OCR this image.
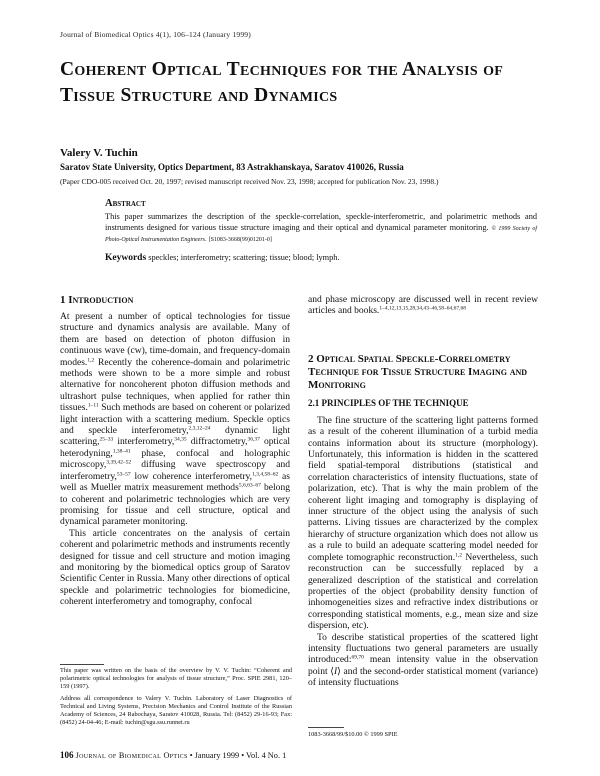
Journal of Biomedical Optics 4(1), 106–124 (January 1999)
Coherent Optical Techniques for the Analysis of Tissue Structure and Dynamics
Valery V. Tuchin
Saratov State University, Optics Department, 83 Astrakhanskaya, Saratov 410026, Russia
(Paper CDO-005 received Oct. 20, 1997; revised manuscript received Nov. 23, 1998; accepted for publication Nov. 23, 1998.)
Abstract
This paper summarizes the description of the speckle-correlation, speckle-interferometric, and polarimetric methods and instruments designed for various tissue structure imaging and their optical and dynamical parameter monitoring. © 1999 Society of Photo-Optical Instrumentation Engineers. [S1083-3668(99)01201-0]
Keywords speckles; interferometry; scattering; tissue; blood; lymph.
1 Introduction

At present a number of optical technologies for tissue structure and dynamics analysis are available. Many of them are based on detection of photon diffusion in continuous wave (cw), time-domain, and frequency-domain modes.$^{1,2}$ Recently the coherence-domain and polarimetric methods were shown to be a more simple and robust alternative for noncoherent photon diffusion methods and ultrashort pulse techniques, when applied for rather thin tissues.$^{1-11}$ Such methods are based on coherent or polarized light interaction with a scattering medium. Speckle optics and speckle interferometry,$^{2,3,12-24}$ dynamic light scattering,$^{25-33}$ interferometry,$^{34,35}$ diffractometry,$^{36,37}$ optical heterodyning,$^{1,38-41}$ phase, confocal and holographic microscopy,$^{3,39,42-52}$ diffusing wave spectroscopy and interferometry,$^{53-57}$ low coherence interferometry,$^{1,3,4,58-62}$ as well as Mueller matrix measurement methods$^{5,6,63-67}$ belong to coherent and polarimetric technologies which are very promising for tissue and cell structure, optical and dynamical parameter monitoring.

This article concentrates on the analysis of certain coherent and polarimetric methods and instruments recently designed for tissue and cell structure and motion imaging and monitoring by the biomedical optics group of Saratov Scientific Center in Russia. Many other directions of optical speckle and polarimetric technologies for biomedicine, coherent interferometry and tomography, confocal

and phase microscopy are discussed well in recent review articles and books.$^{1-4,12,13,15,28,34,43-46,58-64,67,68}$

2 Optical Spatial Speckle-Correlometry Technique for Tissue Structure Imaging and Monitoring
2.1 PRINCIPLES OF THE TECHNIQUE

The fine structure of the scattering light patterns formed as a result of the coherent illumination of a turbid media contains information about its structure (morphology). Unfortunately, this information is hidden in the scattered field spatial-temporal distributions (statistical and correlation characteristics of intensity fluctuations, state of polarization, etc). That is why the main problem of the coherent light imaging and tomography is displaying of inner structure of the object using the analysis of such patterns. Living tissues are characterized by the complex hierarchy of structure organization which does not allow us as a rule to build an adequate scattering model needed for complete tomographic reconstruction.$^{1,2}$ Nevertheless, such reconstruction can be successfully replaced by a generalized description of the statistical and correlation properties of the object (probability density function of inhomogeneities sizes and refractive index distributions or corresponding statistical moments, e.g., mean size and size dispersion, etc).

To describe statistical properties of the scattered light intensity fluctuations two general parameters are usually introduced:$^{69,70}$ mean intensity value in the observation point ⟨I⟩ and the second-order statistical moment (variance) of intensity fluctuations

This paper was written on the basis of the overview by V. V. Tuchin: “Coherent and polarimetric optical technologies for analysis of tissue structure,” Proc. SPIE 2981, 120–159 (1997).
Address all correspondence to Valery V. Tuchin. Laboratory of Laser Diagnostics of Technical and Living Systems, Precision Mechanics and Control Institute of the Russian Academy of Sciences, 24 Rabochaya, Saratov 410028, Russia. Tel: (8452) 29-16-93; Fax: (8452) 24-04-46; E-mail: tuchin@sgu.ssu.runnet.ru
1083-3668/99/$10.00 © 1999 SPIE
106 Journal of Biomedical Optics • January 1999 • Vol. 4 No. 1
